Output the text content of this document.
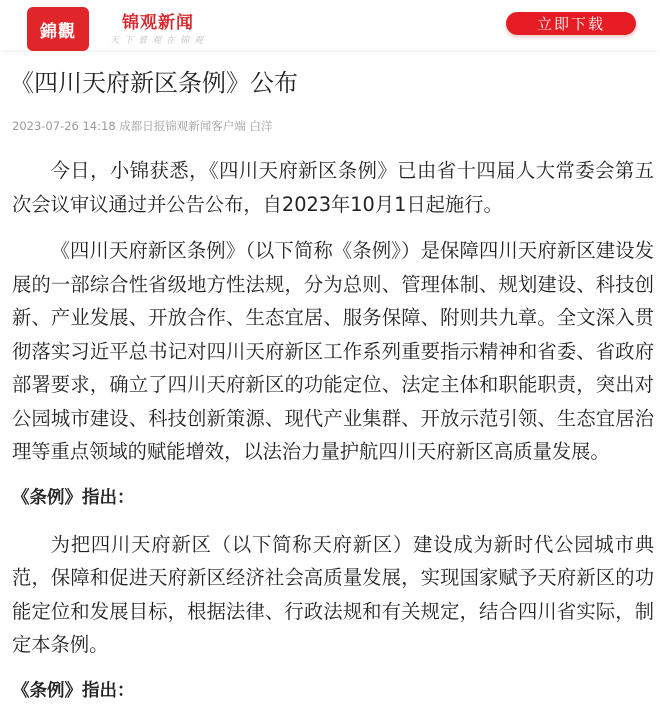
錦觀	锦观新闻
天下景观在锦观
立即下载
《四川天府新区条例》公布
2023-07-26 14:18 成都日报锦观新闻客户端 白洋

今日，小锦获悉，《四川天府新区条例》已由省十四届人大常委会第五次会议审议通过并公告公布，自2023年10月1日起施行。

《四川天府新区条例》（以下简称《条例》）是保障四川天府新区建设发展的一部综合性省级地方性法规，分为总则、管理体制、规划建设、科技创新、产业发展、开放合作、生态宜居、服务保障、附则共九章。全文深入贯彻落实习近平总书记对四川天府新区工作系列重要指示精神和省委、省政府部署要求，确立了四川天府新区的功能定位、法定主体和职能职责，突出对公园城市建设、科技创新策源、现代产业集群、开放示范引领、生态宜居治理等重点领域的赋能增效，以法治力量护航四川天府新区高质量发展。

《条例》指出：

为把四川天府新区（以下简称天府新区）建设成为新时代公园城市典范，保障和促进天府新区经济社会高质量发展，实现国家赋予天府新区的功能定位和发展目标，根据法律、行政法规和有关规定，结合四川省实际，制定本条例。

《条例》指出：
